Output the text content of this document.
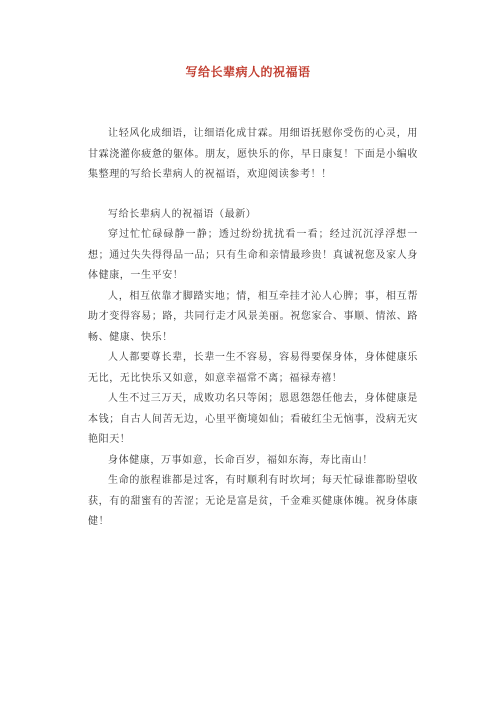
写给长辈病人的祝福语

让轻风化成细语，让细语化成甘霖。用细语抚慰你受伤的心灵，用甘霖浇灌你疲惫的躯体。朋友，愿快乐的你，早日康复！下面是小编收集整理的写给长辈病人的祝福语，欢迎阅读参考！！

写给长辈病人的祝福语（最新）

穿过忙忙碌碌静一静；透过纷纷扰扰看一看；经过沉沉浮浮想一想；通过失失得得品一品；只有生命和亲情最珍贵！真诚祝您及家人身体健康，一生平安！

人，相互依靠才脚踏实地；情，相互牵挂才沁人心脾；事，相互帮助才变得容易；路，共同行走才风景美丽。祝您家合、事顺、情浓、路畅、健康、快乐！

人人都要尊长辈，长辈一生不容易，容易得要保身体，身体健康乐无比，无比快乐又如意，如意幸福常不离；福禄寿禧！

人生不过三万天，成败功名只等闲；恩恩怨怨任他去，身体健康是本钱；自古人间苦无边，心里平衡境如仙；看破红尘无恼事，没病无灾艳阳天！

身体健康，万事如意，长命百岁，福如东海，寿比南山！

生命的旅程谁都是过客，有时顺利有时坎坷；每天忙碌谁都盼望收获，有的甜蜜有的苦涩；无论是富是贫，千金难买健康体魄。祝身体康健！
